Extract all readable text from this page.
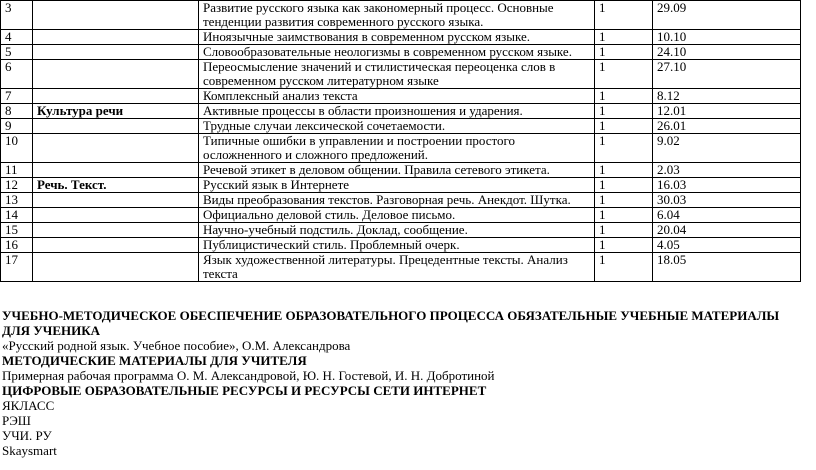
3		Развитие русского языка как закономерный процесс. Основные тенденции развития современного русского языка.	1	29.09
4		Иноязычные заимствования в современном русском языке.	1	10.10
5		Словообразовательные неологизмы в современном русском языке.	1	24.10
6		Переосмысление значений и стилистическая переоценка слов в современном русском литературном языке	1	27.10
7		Комплексный анализ текста	1	8.12
8	Культура речи	Активные процессы в области произношения и ударения.	1	12.01
9		Трудные случаи лексической сочетаемости.	1	26.01
10		Типичные ошибки в управлении и построении простого осложненного и сложного предложений.	1	9.02
11		Речевой этикет в деловом общении. Правила сетевого этикета.	1	2.03
12	Речь. Текст.	Русский язык в Интернете	1	16.03
13		Виды преобразования текстов. Разговорная речь. Анекдот. Шутка.	1	30.03
14		Официально деловой стиль. Деловое письмо.	1	6.04
15		Научно-учебный подстиль. Доклад, сообщение.	1	20.04
16		Публицистический стиль. Проблемный очерк.	1	4.05
17		Язык художественной литературы. Прецедентные тексты. Анализ текста	1	18.05
УЧЕБНО-МЕТОДИЧЕСКОЕ ОБЕСПЕЧЕНИЕ ОБРАЗОВАТЕЛЬНОГО ПРОЦЕССА ОБЯЗАТЕЛЬНЫЕ УЧЕБНЫЕ МАТЕРИАЛЫ ДЛЯ УЧЕНИКА
«Русский родной язык. Учебное пособие», О.М. Александрова
МЕТОДИЧЕСКИЕ МАТЕРИАЛЫ ДЛЯ УЧИТЕЛЯ
Примерная рабочая программа О. М. Александровой, Ю. Н. Гостевой, И. Н. Добротиной
ЦИФРОВЫЕ ОБРАЗОВАТЕЛЬНЫЕ РЕСУРСЫ И РЕСУРСЫ СЕТИ ИНТЕРНЕТ
ЯКЛАСС
РЭШ
УЧИ. РУ
Skaysmart
